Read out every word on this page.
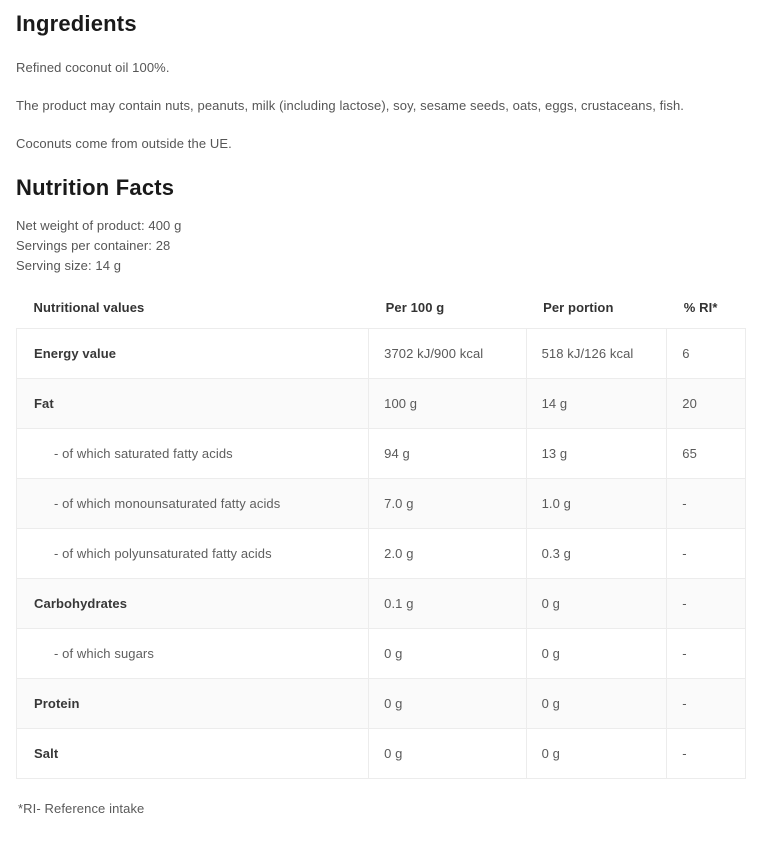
Ingredients

Refined coconut oil 100%.

The product may contain nuts, peanuts, milk (including lactose), soy, sesame seeds, oats, eggs, crustaceans, fish.

Coconuts come from outside the UE.

Nutrition Facts

Net weight of product: 400 g

Servings per container: 28

Serving size: 14 g

Nutritional values	Per 100 g	Per portion	% RI*
Energy value	3702 kJ/900 kcal	518 kJ/126 kcal	6
Fat	100 g	14 g	20
- of which saturated fatty acids	94 g	13 g	65
- of which monounsaturated fatty acids	7.0 g	1.0 g	-
- of which polyunsaturated fatty acids	2.0 g	0.3 g	-
Carbohydrates	0.1 g	0 g	-
- of which sugars	0 g	0 g	-
Protein	0 g	0 g	-
Salt	0 g	0 g	-

*RI- Reference intake
